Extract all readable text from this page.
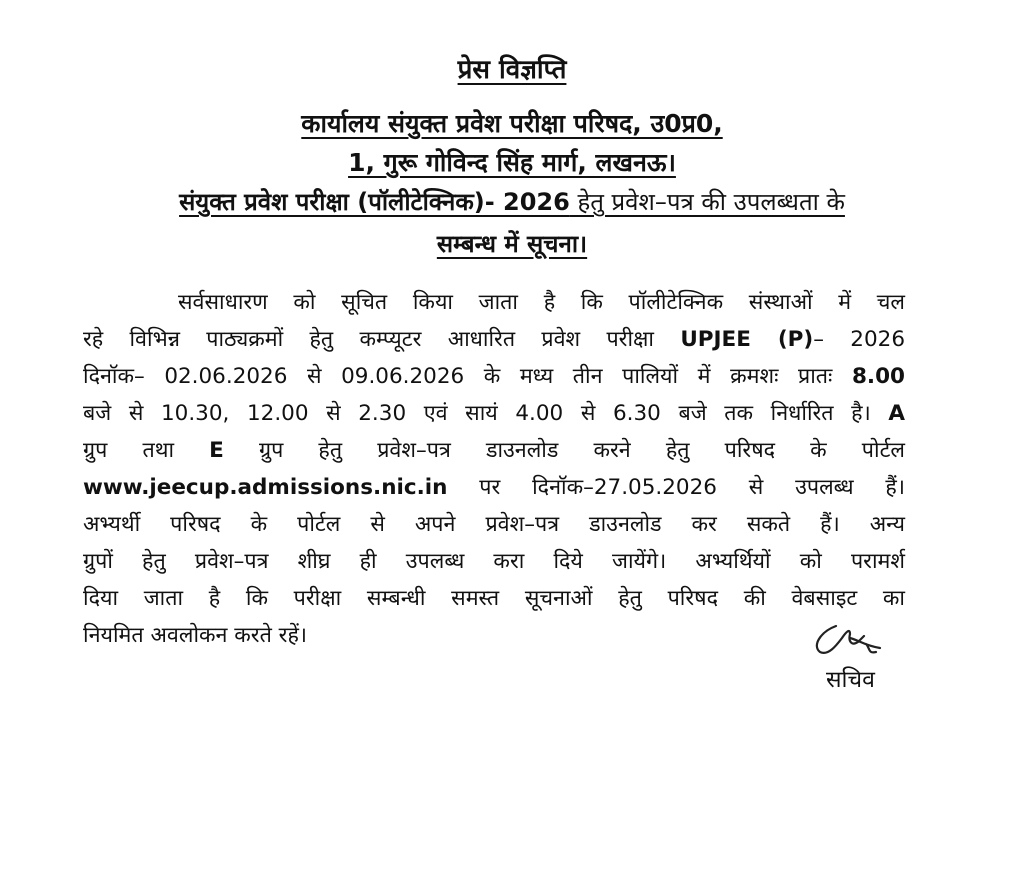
प्रेस विज्ञप्ति
कार्यालय संयुक्त प्रवेश परीक्षा परिषद, उ0प्र0,
1, गुरू गोविन्द सिंह मार्ग, लखनऊ।
संयुक्त प्रवेश परीक्षा (पॉलीटेक्निक)- 2026 हेतु प्रवेश–पत्र की उपलब्धता के
सम्बन्ध में सूचना।
सर्वसाधारण को सूचित किया जाता है कि पॉलीटेक्निक संस्थाओं में चल
रहे विभिन्न पाठ्यक्रमों हेतु कम्प्यूटर आधारित प्रवेश परीक्षा UPJEE (P)– 2026
दिनॉक– 02.06.2026 से 09.06.2026 के मध्य तीन पालियों में क्रमशः प्रातः 8.00
बजे से 10.30, 12.00 से 2.30 एवं सायं 4.00 से 6.30 बजे तक निर्धारित है। A
ग्रुप तथा E ग्रुप हेतु प्रवेश–पत्र डाउनलोड करने हेतु परिषद के पोर्टल
www.jeecup.admissions.nic.in पर दिनॉक–27.05.2026 से उपलब्ध हैं।
अभ्यर्थी परिषद के पोर्टल से अपने प्रवेश–पत्र डाउनलोड कर सकते हैं। अन्य
ग्रुपों हेतु प्रवेश–पत्र शीघ्र ही उपलब्ध करा दिये जायेंगे। अभ्यर्थियों को परामर्श
दिया जाता है कि परीक्षा सम्बन्धी समस्त सूचनाओं हेतु परिषद की वेबसाइट का
नियमित अवलोकन करते रहें।
सचिव
